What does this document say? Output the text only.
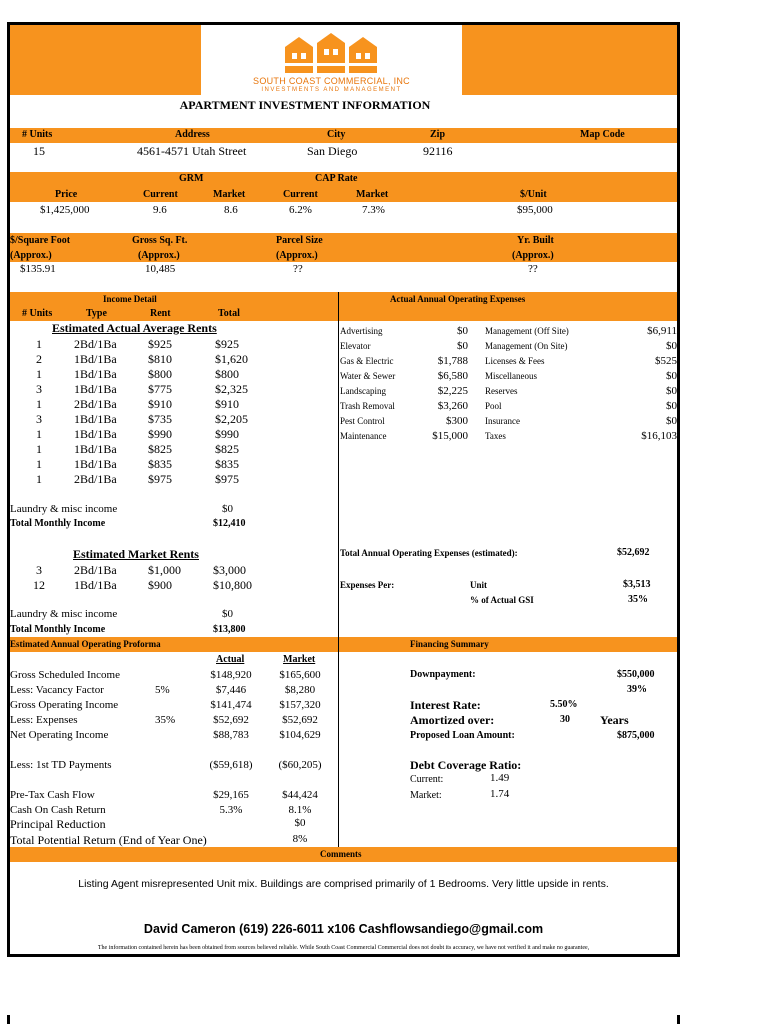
SOUTH COAST COMMERCIAL, INC
INVESTMENTS AND MANAGEMENT
APARTMENT INVESTMENT INFORMATION
# Units	Address	City	Zip	Map Code
15	4561-4571 Utah Street	San Diego	92116
GRM	CAP Rate
Price	Current	Market	Current	Market	$/Unit
$1,425,000	9.6	8.6	6.2%	7.3%	$95,000
$/Square Foot	Gross Sq. Ft.	Parcel Size	Yr. Built
(Approx.)	(Approx.)	(Approx.)	(Approx.)
$135.91	10,485	??	??
Income Detail	Actual Annual Operating Expenses
# Units	Type	Rent	Total
Estimated Actual Average Rents
1	2Bd/1Ba	$925	$925
2	1Bd/1Ba	$810	$1,620
1	1Bd/1Ba	$800	$800
3	1Bd/1Ba	$775	$2,325
1	2Bd/1Ba	$910	$910
3	1Bd/1Ba	$735	$2,205
1	1Bd/1Ba	$990	$990
1	1Bd/1Ba	$825	$825
1	1Bd/1Ba	$835	$835
1	2Bd/1Ba	$975	$975
Laundry & misc income	$0
Total Monthly Income	$12,410
Estimated Market Rents
3	2Bd/1Ba	$1,000	$3,000
12 1Bd/1Ba	$900	$10,800
Laundry & misc income	$0
Total Monthly Income	$13,800
Advertising	$0
Elevator	$0
Gas & Electric	$1,788
Water & Sewer	$6,580
Landscaping	$2,225
Trash Removal	$3,260
Pest Control	$300
Maintenance	$15,000
Management (Off Site)	$6,911
Management (On Site)	$0
Licenses & Fees	$525
Miscellaneous	$0
Reserves	$0
Pool	$0
Insurance	$0
Taxes	$16,103
Total Annual Operating Expenses (estimated):	$52,692
Expenses Per:	Unit	$3,513
% of Actual GSI	35%
Estimated Annual Operating Proforma	Financing Summary
Actual	Market
Gross Scheduled Income	$148,920	$165,600
Less: Vacancy Factor	5%	$7,446	$8,280
Gross Operating Income	$141,474	$157,320
Less: Expenses	35%	$52,692	$52,692
Net Operating Income	$88,783	$104,629
Less: 1st TD Payments	($59,618)	($60,205)
Pre-Tax Cash Flow	$29,165	$44,424
Cash On Cash Return	5.3%	8.1%
Principal Reduction	$0
Total Potential Return (End of Year One)	8%
Downpayment:	$550,000
39%
Interest Rate:	5.50%
Amortized over:	30	Years
Proposed Loan Amount:	$875,000
Debt Coverage Ratio:
Current:	1.49
Market:	1.74
Comments
Listing Agent misrepresented Unit mix. Buildings are comprised primarily of 1 Bedrooms. Very little upside in rents.
David Cameron (619) 226-6011 x106 Cashflowsandiego@gmail.com
The information contained herein has been obtained from sources believed reliable. While South Coast Commercial Commercial does not doubt its accuracy, we have not verified it and make no guarantee,
